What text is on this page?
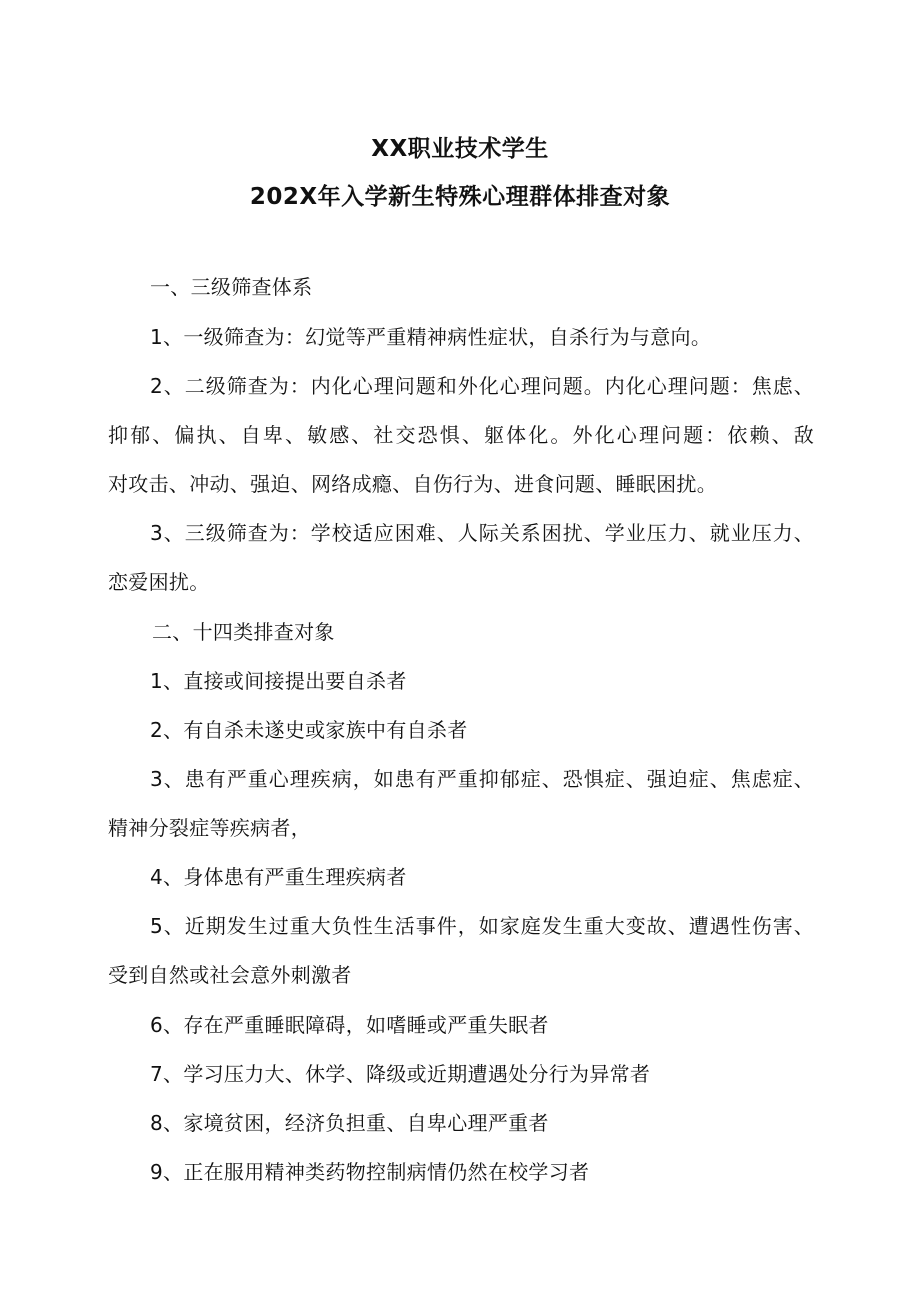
XX职业技术学生
202X年入学新生特殊心理群体排查对象
一、三级筛查体系
1、一级筛查为：幻觉等严重精神病性症状，自杀行为与意向。
2、二级筛查为：内化心理问题和外化心理问题。内化心理问题：焦虑、
抑郁、偏执、自卑、敏感、社交恐惧、躯体化。外化心理问题：依赖、敌
对攻击、冲动、强迫、网络成瘾、自伤行为、进食问题、睡眠困扰。
3、三级筛查为：学校适应困难、人际关系困扰、学业压力、就业压力、
恋爱困扰。
二、十四类排查对象
1、直接或间接提出要自杀者
2、有自杀未遂史或家族中有自杀者
3、患有严重心理疾病，如患有严重抑郁症、恐惧症、强迫症、焦虑症、
精神分裂症等疾病者，
4、身体患有严重生理疾病者
5、近期发生过重大负性生活事件，如家庭发生重大变故、遭遇性伤害、
受到自然或社会意外刺激者
6、存在严重睡眠障碍，如嗜睡或严重失眠者
7、学习压力大、休学、降级或近期遭遇处分行为异常者
8、家境贫困，经济负担重、自卑心理严重者
9、正在服用精神类药物控制病情仍然在校学习者
